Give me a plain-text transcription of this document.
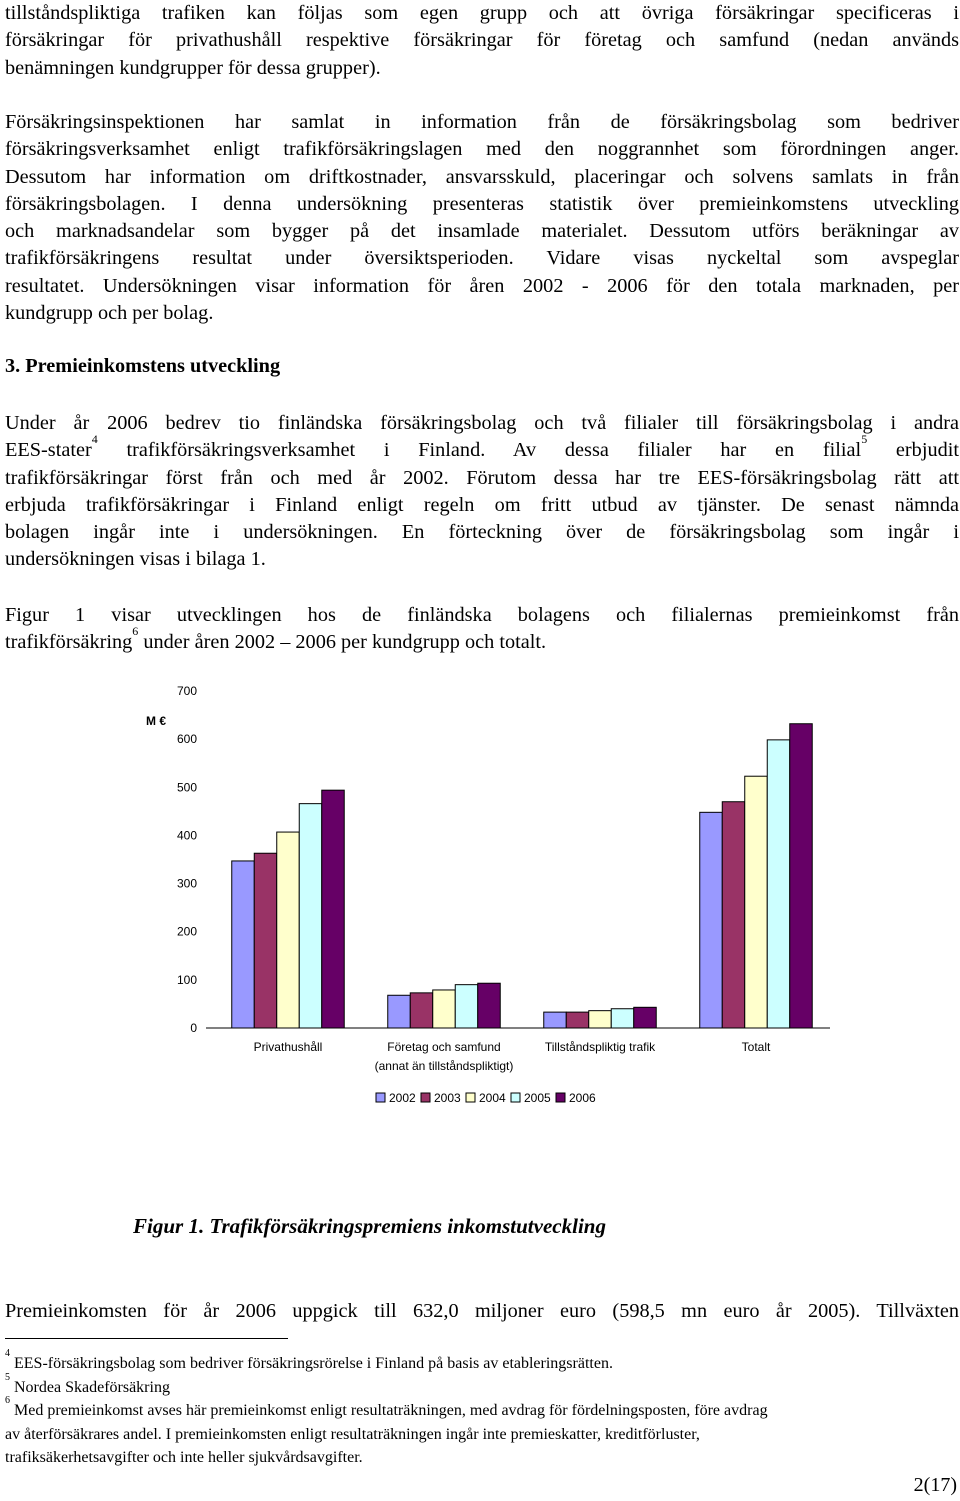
tillståndspliktiga trafiken kan följas som egen grupp och att övriga försäkringar specificeras i
försäkringar för privathushåll respektive försäkringar för företag och samfund (nedan används
benämningen kundgrupper för dessa grupper).
Försäkringsinspektionen har samlat in information från de försäkringsbolag som bedriver
försäkringsverksamhet enligt trafikförsäkringslagen med den noggrannhet som förordningen anger.
Dessutom har information om driftkostnader, ansvarsskuld, placeringar och solvens samlats in från
försäkringsbolagen. I denna undersökning presenteras statistik över premieinkomstens utveckling
och marknadsandelar som bygger på det insamlade materialet. Dessutom utförs beräkningar av
trafikförsäkringens resultat under översiktsperioden. Vidare visas nyckeltal som avspeglar
resultatet. Undersökningen visar information för åren 2002 - 2006 för den totala marknaden, per
kundgrupp och per bolag.
3. Premieinkomstens utveckling
Under år 2006 bedrev tio finländska försäkringsbolag och två filialer till försäkringsbolag i andra
EES-stater$^4$ trafikförsäkringsverksamhet i Finland. Av dessa filialer har en filial$^5$ erbjudit
trafikförsäkringar först från och med år 2002. Förutom dessa har tre EES-försäkringsbolag rätt att
erbjuda trafikförsäkringar i Finland enligt regeln om fritt utbud av tjänster. De senast nämnda
bolagen ingår inte i undersökningen. En förteckning över de försäkringsbolag som ingår i
undersökningen visas i bilaga 1.
Figur 1 visar utvecklingen hos de finländska bolagens och filialernas premieinkomst från
trafikförsäkring$^6$ under åren 2002 – 2006 per kundgrupp och totalt.
0
100
200
300
400
500
600
700
M €
Privathushåll	Företag och samfund
(annat än tillståndspliktigt)
Tillståndspliktig trafik	Totalt
2002 2003 2004 2005 2006

Figur 1. Trafikförsäkringspremiens inkomstutveckling

Premieinkomsten för år 2006 uppgick till 632,0 miljoner euro (598,5 mn euro år 2005). Tillväxten
$^4$ EES-försäkringsbolag som bedriver försäkringsrörelse i Finland på basis av etableringsrätten.
$^5$ Nordea Skadeförsäkring
$^6$ Med premieinkomst avses här premieinkomst enligt resultaträkningen, med avdrag för fördelningsposten, före avdrag
av återförsäkrares andel. I premieinkomsten enligt resultaträkningen ingår inte premieskatter, kreditförluster,
trafiksäkerhetsavgifter och inte heller sjukvårdsavgifter.
2(17)
